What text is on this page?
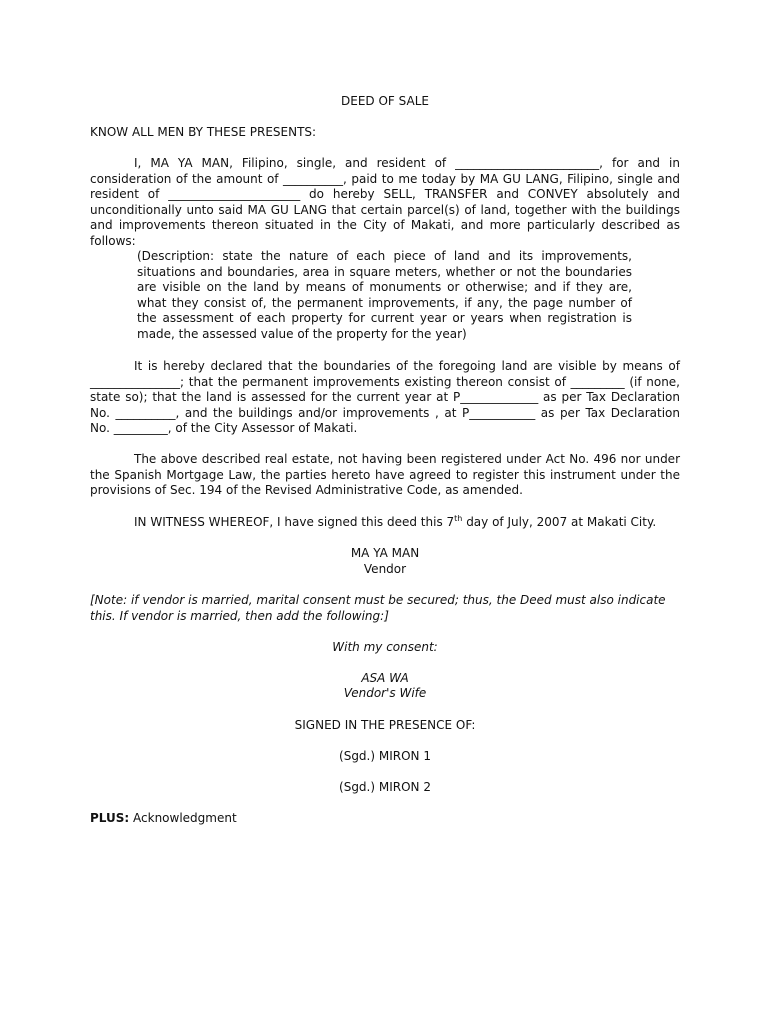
DEED OF SALE

KNOW ALL MEN BY THESE PRESENTS:

I, MA YA MAN, Filipino, single, and resident of ________________________, for and in consideration of the amount of __________, paid to me today by MA GU LANG, Filipino, single and resident of ______________________ do hereby SELL, TRANSFER and CONVEY absolutely and unconditionally unto said MA GU LANG that certain parcel(s) of land, together with the buildings and improvements thereon situated in the City of Makati, and more particularly described as follows:

(Description: state the nature of each piece of land and its improvements, situations and boundaries, area in square meters, whether or not the boundaries are visible on the land by means of monuments or otherwise; and if they are, what they consist of, the permanent improvements, if any, the page number of the assessment of each property for current year or years when registration is made, the assessed value of the property for the year)

It is hereby declared that the boundaries of the foregoing land are visible by means of _______________; that the permanent improvements existing thereon consist of _________ (if none, state so); that the land is assessed for the current year at P_____________ as per Tax Declaration No. __________, and the buildings and/or improvements , at P___________ as per Tax Declaration No. _________, of the City Assessor of Makati.

The above described real estate, not having been registered under Act No. 496 nor under the Spanish Mortgage Law, the parties hereto have agreed to register this instrument under the provisions of Sec. 194 of the Revised Administrative Code, as amended.

IN WITNESS WHEREOF, I have signed this deed this 7th day of July, 2007 at Makati City.

MA YA MAN

Vendor

[Note: if vendor is married, marital consent must be secured; thus, the Deed must also indicate this. If vendor is married, then add the following:]

With my consent:

ASA WA

Vendor's Wife

SIGNED IN THE PRESENCE OF:

(Sgd.) MIRON 1

(Sgd.) MIRON 2

PLUS: Acknowledgment
